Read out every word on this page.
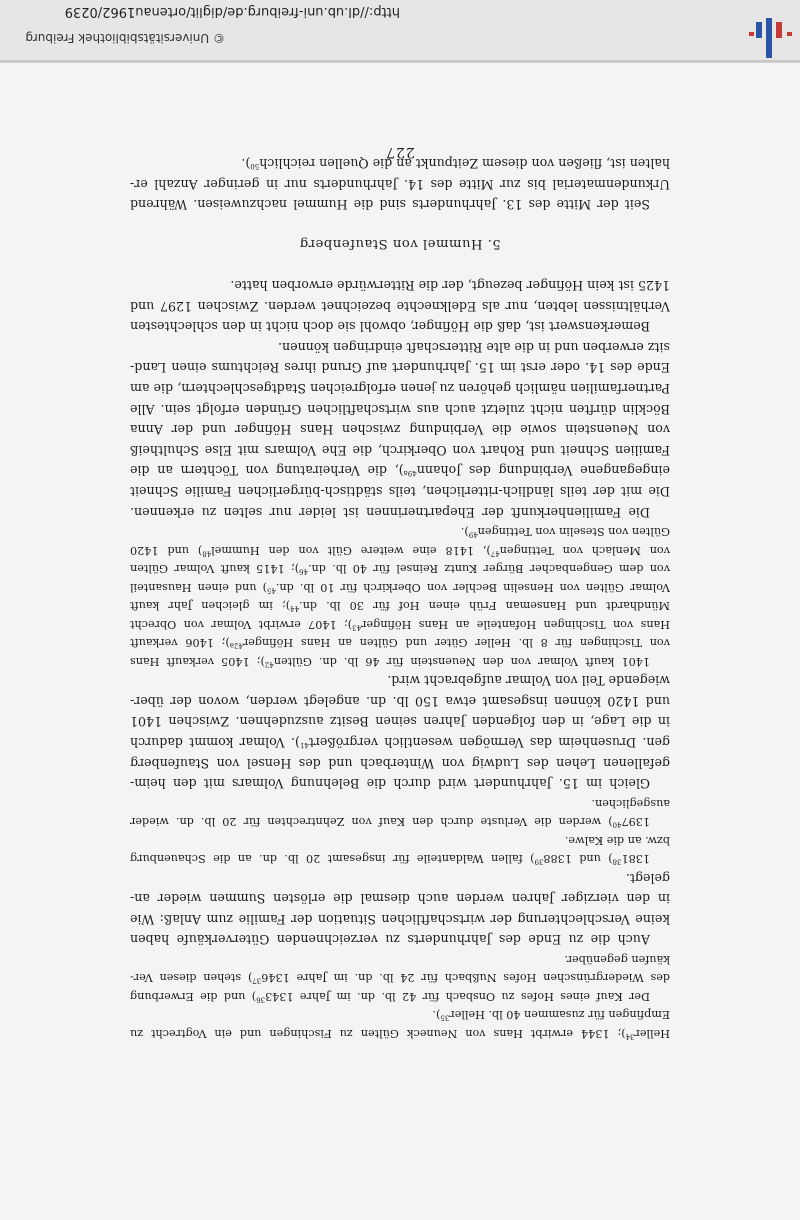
Heller$^{34}$); 1344 erwirbt Hans von Neuneck Gülten zu Fischingen und ein Vogtrecht zu
Empfingen für zusammen 40 lb. Heller$^{35}$).
Der Kauf eines Hofes zu Onsbach für 42 lb. dn. im Jahre 1343$^{36}$) und die Erwerbung
des Wiedergrünschen Hofes Nußbach für 24 lb. dn. im Jahre 1346$^{37}$) stehen diesen Ver-
käufen gegenüber.
Auch die zu Ende des Jahrhunderts zu verzeichnenden Güterverkäufe haben
keine Verschlechterung der wirtschaftlichen Situation der Familie zum Anlaß: Wie
in den vierziger Jahren werden auch diesmal die erlösten Summen wieder an-
gelegt.
1381$^{38}$) und 1388$^{39}$) fallen Waldanteile für insgesamt 20 lb. dn. an die Schauenburg
bzw. an die Kalwe.
1397$^{40}$) werden die Verluste durch den Kauf von Zehntrechten für 20 lb. dn. wieder
ausgeglichen.
Gleich im 15. Jahrhundert wird durch die Belehnung Volmars mit den heim-
gefallenen Lehen des Ludwig von Winterbach und des Hensel von Staufenberg
gen. Drusenheim das Vermögen wesentlich vergrößert$^{41}$). Volmar kommt dadurch
in die Lage, in den folgenden Jahren seinen Besitz auszudehnen. Zwischen 1401
und 1420 können insgesamt etwa 150 lb. dn. angelegt werden, wovon der über-
wiegende Teil von Volmar aufgebracht wird.
1401 kauft Volmar von den Neuenstein für 46 lb. dn. Gülten$^{42}$); 1405 verkauft Hans
von Tischingen für 8 lb. Heller Güter und Gülten an Hans Höfinger$^{42a}$); 1406 verkauft
Hans von Tischingen Hofanteile an Hans Höfinger$^{43}$); 1407 erwirbt Volmar von Obrecht
Mündhardt und Hanseman Früh einen Hof für 30 lb. dn.$^{44}$); im gleichen Jahr kauft
Volmar Gülten von Henselin Bechler von Oberkirch für 10 lb. dn.$^{45}$) und einen Hausanteil
von dem Gengenbacher Bürger Kuntz Reinsel für 40 lb. dn.$^{46}$); 1415 kauft Volmar Gülten
von Menlach von Tettingen$^{47}$), 1418 eine weitere Gült von den Hummel$^{48}$) und 1420
Gülten von Steselin von Tettingen$^{49}$).
Die Familienherkunft der Ehepartnerinnen ist leider nur selten zu erkennen.
Die mit der teils ländlich-ritterlichen, teils städtisch-bürgerlichen Familie Schneit
eingegangene Verbindung des Johann$^{49a}$), die Verheiratung von Töchtern an die
Familien Schneit und Rohart von Oberkirch, die Ehe Volmars mit Else Schultheiß
von Neuenstein sowie die Verbindung zwischen Hans Höfinger und der Anna
Böcklin dürften nicht zuletzt auch aus wirtschaftlichen Gründen erfolgt sein. Alle
Partnerfamilien nämlich gehören zu jenen erfolgreichen Stadtgeschlechtern, die am
Ende des 14. oder erst im 15. Jahrhundert auf Grund ihres Reichtums einen Land-
sitz erwerben und in die alte Ritterschaft eindringen können.
Bemerkenswert ist, daß die Höfinger, obwohl sie doch nicht in den schlechtesten
Verhältnissen lebten, nur als Edelknechte bezeichnet werden. Zwischen 1297 und
1425 ist kein Höfinger bezeugt, der die Ritterwürde erworben hatte.
5. Hummel von Staufenberg
Seit der Mitte des 13. Jahrhunderts sind die Hummel nachzuweisen. Während
Urkundenmaterial bis zur Mitte des 14. Jahrhunderts nur in geringer Anzahl er-
halten ist, fließen von diesem Zeitpunkt an die Quellen reichlich$^{50}$).
227
© Universitätsbibliothek Freiburg
http://dl.ub.uni-freiburg.de/diglit/ortenau1962/0239
